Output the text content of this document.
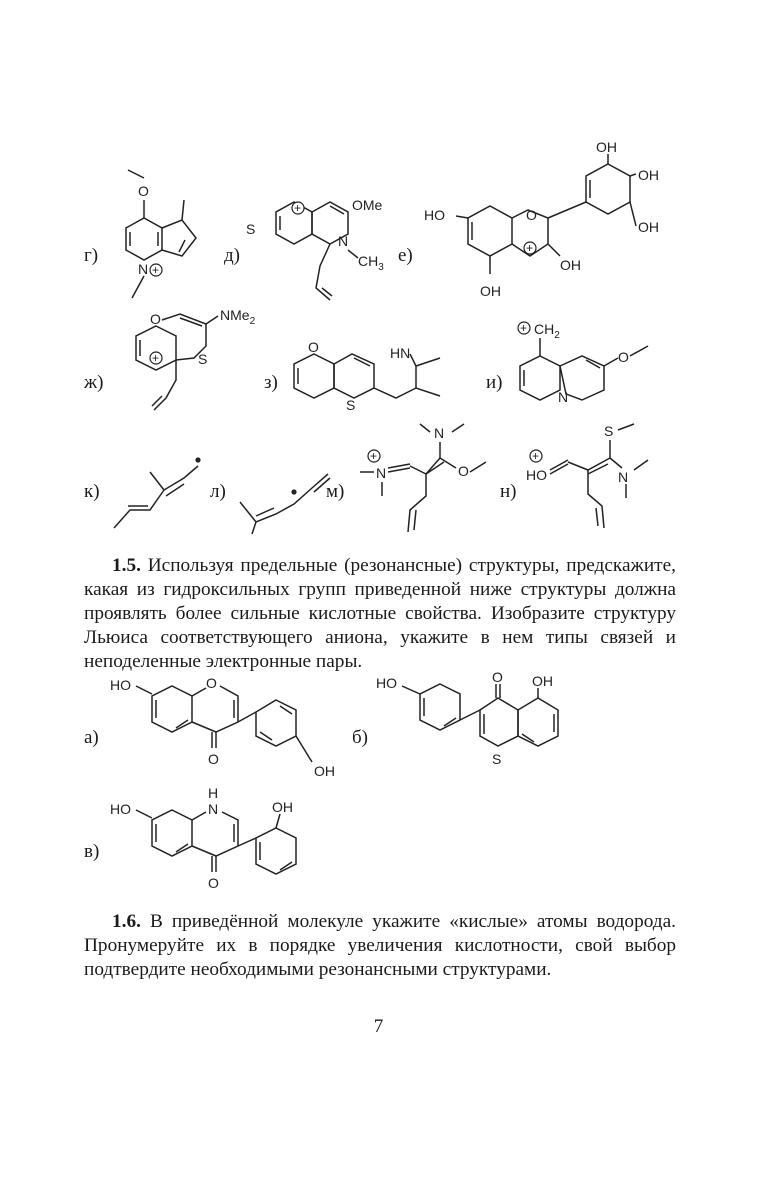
г)	д)	е)
O
N +
+	OMe
S
N
$CH_3$
OH
OH
OH
HO	O
+
OH
OH
ж)	з)	и)
O
+	S
NMe$_2$
O
S
HN
+ $CH_2$
N
O
к)	л)	м)	н)
N
+
N	O
S
+
HO	N
1.5. Используя предельные (резонансные) структуры, предскажите, какая из гидроксильных групп приведенной ниже структуры должна проявлять более сильные кислотные свойства. Изобразите структуру Льюиса соответствующего аниона, укажите в нем типы связей и неподеленные электронные пары.
а)	б)
HO	O
O
OH
HO	O OH
S
в)
HO
H
N
O
OH
1.6. В приведённой молекуле укажите «кислые» атомы водорода. Пронумеруйте их в порядке увеличения кислотности, свой выбор подтвердите необходимыми резонансными структурами.
7
